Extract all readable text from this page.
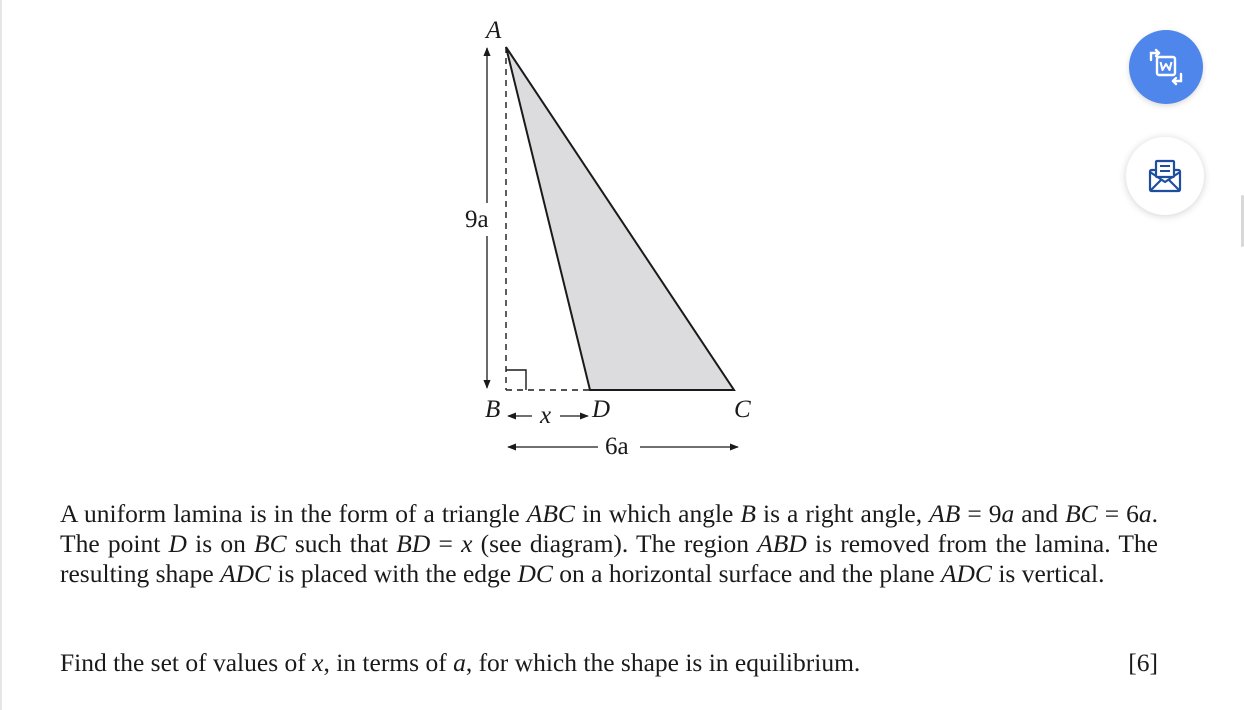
A
B	C
D
9a
x
6a
A uniform lamina is in the form of a triangle ABC in which angle B is a right angle, AB = 9a and BC = 6a. The point D is on BC such that BD = x (see diagram). The region ABD is removed from the lamina. The resulting shape ADC is placed with the edge DC on a horizontal surface and the plane ADC is vertical.
Find the set of values of x, in terms of a, for which the shape is in equilibrium.	[6]
